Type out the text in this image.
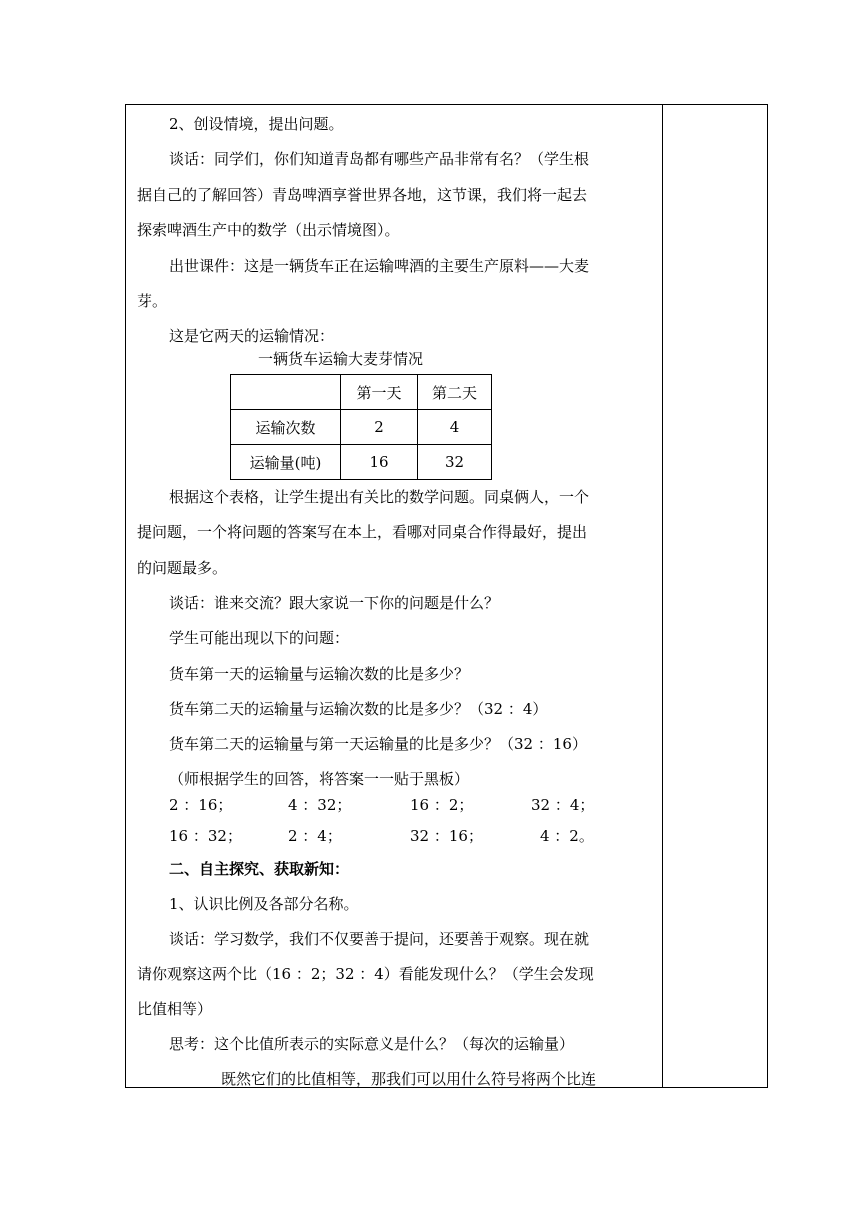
2、创设情境，提出问题。
谈话：同学们，你们知道青岛都有哪些产品非常有名？（学生根
据自己的了解回答）青岛啤酒享誉世界各地，这节课，我们将一起去
探索啤酒生产中的数学（出示情境图）。
出世课件：这是一辆货车正在运输啤酒的主要生产原料——大麦
芽。
这是它两天的运输情况：
根据这个表格，让学生提出有关比的数学问题。同桌俩人，一个
提问题，一个将问题的答案写在本上，看哪对同桌合作得最好，提出
的问题最多。
谈话：谁来交流？跟大家说一下你的问题是什么？
学生可能出现以下的问题：
货车第一天的运输量与运输次数的比是多少？
货车第二天的运输量与运输次数的比是多少？（32 ：4）
货车第二天的运输量与第一天运输量的比是多少？（32 ：16）
（师根据学生的回答，将答案一一贴于黑板）
二、自主探究、获取新知：
1、认识比例及各部分名称。
谈话：学习数学，我们不仅要善于提问，还要善于观察。现在就
请你观察这两个比（16 ：2；32 ：4）看能发现什么？（学生会发现
比值相等）
思考：这个比值所表示的实际意义是什么？（每次的运输量）
既然它们的比值相等，那我们可以用什么符号将两个比连
一辆货车运输大麦芽情况
	第一天	第二天
运输次数	2	4
运输量(吨)	16	32
2 ：16；	4 ：32；	16 ：2；	32 ：4；
16 ：32；	2 ：4；	32 ：16；	4 ：2。
